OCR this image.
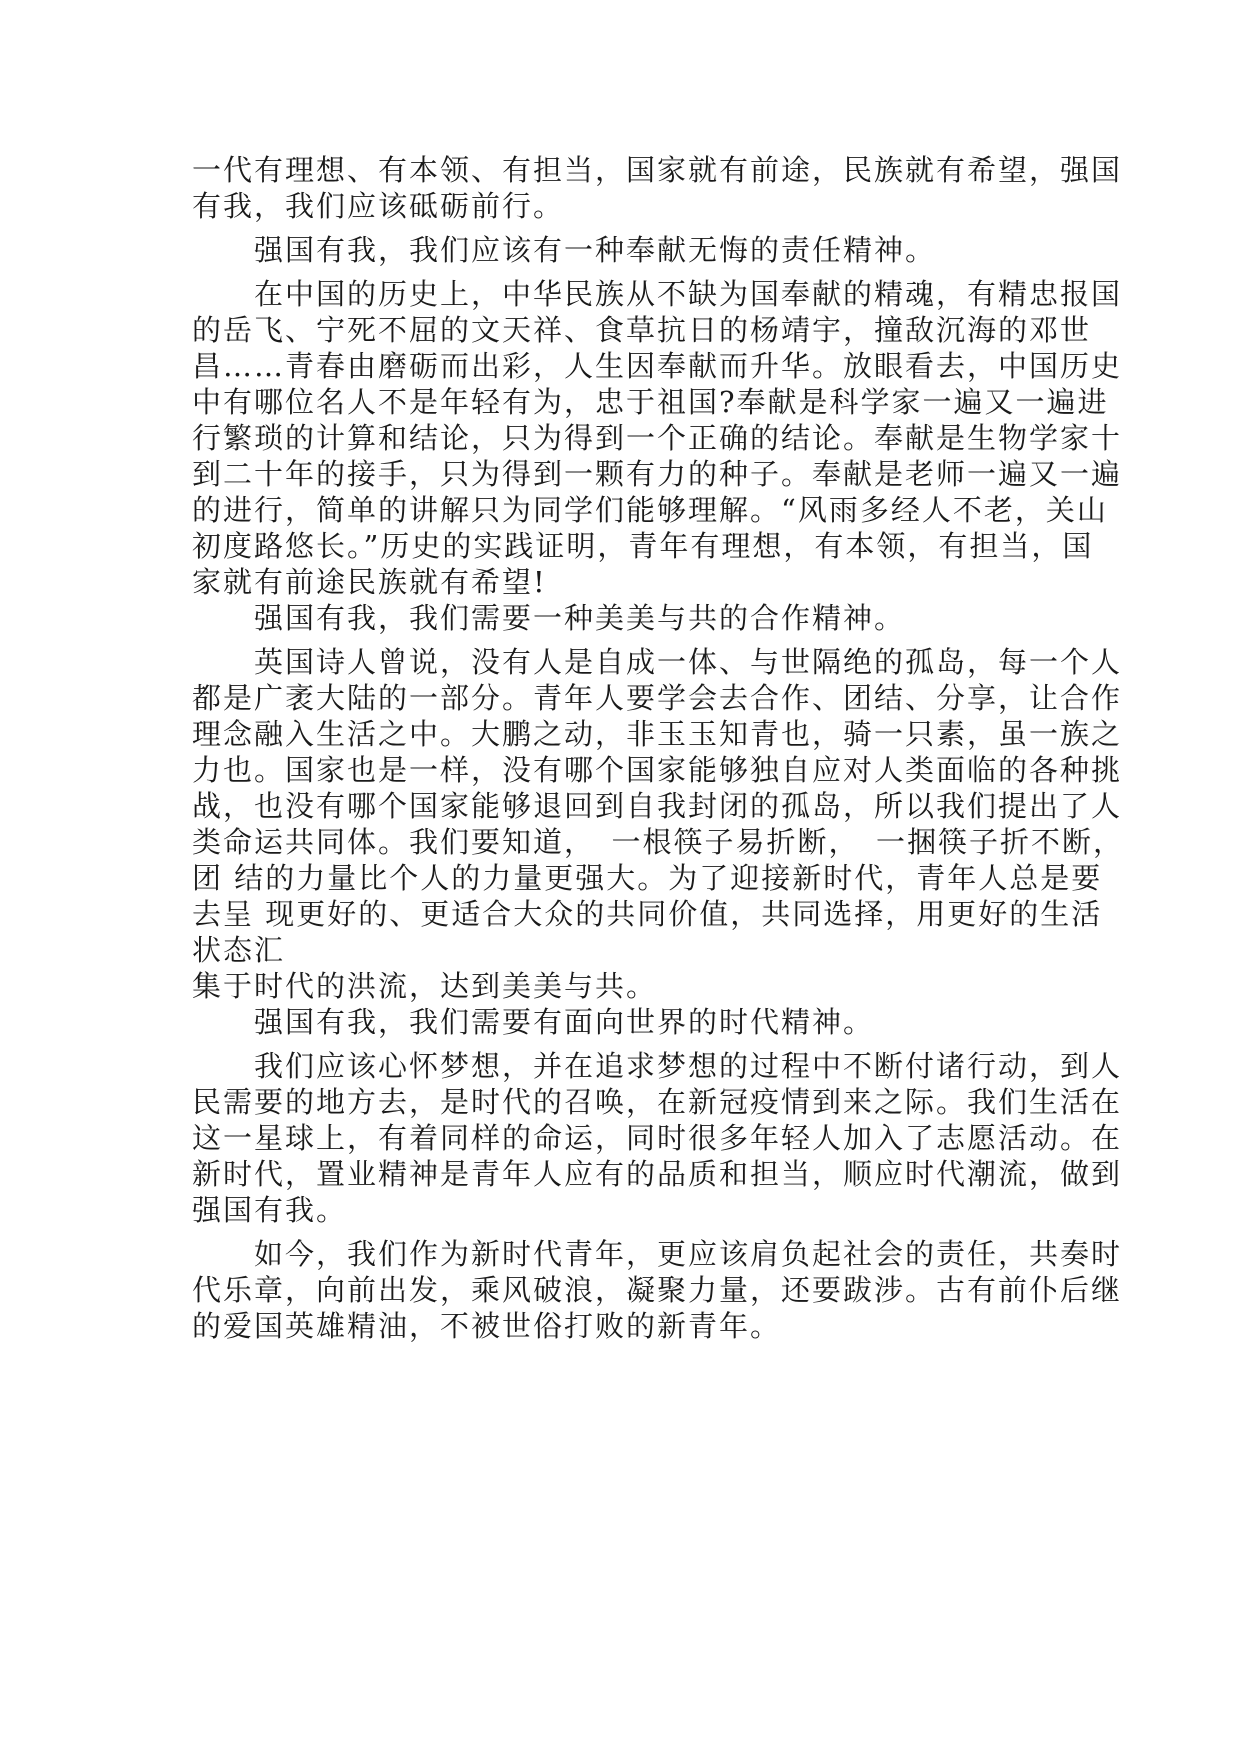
一代有理想、有本领、有担当，国家就有前途，民族就有希望，强国
有我，我们应该砥砺前行。
　　强国有我，我们应该有一种奉献无悔的责任精神。
　　在中国的历史上，中华民族从不缺为国奉献的精魂，有精忠报国
的岳飞、宁死不屈的文天祥、食草抗日的杨靖宇，撞敌沉海的邓世
昌……青春由磨砺而出彩，人生因奉献而升华。放眼看去，中国历史
中有哪位名人不是年轻有为，忠于祖国?奉献是科学家一遍又一遍进
行繁琐的计算和结论，只为得到一个正确的结论。奉献是生物学家十
到二十年的接手，只为得到一颗有力的种子。奉献是老师一遍又一遍
的进行，简单的讲解只为同学们能够理解。“风雨多经人不老，关山
初度路悠长。”历史的实践证明，青年有理想，有本领，有担当，国
家就有前途民族就有希望!
　　强国有我，我们需要一种美美与共的合作精神。
　　英国诗人曾说，没有人是自成一体、与世隔绝的孤岛，每一个人
都是广袤大陆的一部分。青年人要学会去合作、团结、分享，让合作
理念融入生活之中。大鹏之动，非玉玉知青也，骑一只素，虽一族之
力也。国家也是一样，没有哪个国家能够独自应对人类面临的各种挑
战，也没有哪个国家能够退回到自我封闭的孤岛，所以我们提出了人
类命运共同体。我们要知道，　一根筷子易折断，　一捆筷子折不断，
团 结的力量比个人的力量更强大。为了迎接新时代，青年人总是要
去呈 现更好的、更适合大众的共同价值，共同选择，用更好的生活
状态汇
集于时代的洪流，达到美美与共。
　　强国有我，我们需要有面向世界的时代精神。
　　我们应该心怀梦想，并在追求梦想的过程中不断付诸行动，到人
民需要的地方去，是时代的召唤，在新冠疫情到来之际。我们生活在
这一星球上，有着同样的命运，同时很多年轻人加入了志愿活动。在
新时代，置业精神是青年人应有的品质和担当，顺应时代潮流，做到
强国有我。
　　如今，我们作为新时代青年，更应该肩负起社会的责任，共奏时
代乐章，向前出发，乘风破浪，凝聚力量，还要跋涉。古有前仆后继
的爱国英雄精油，不被世俗打败的新青年。
